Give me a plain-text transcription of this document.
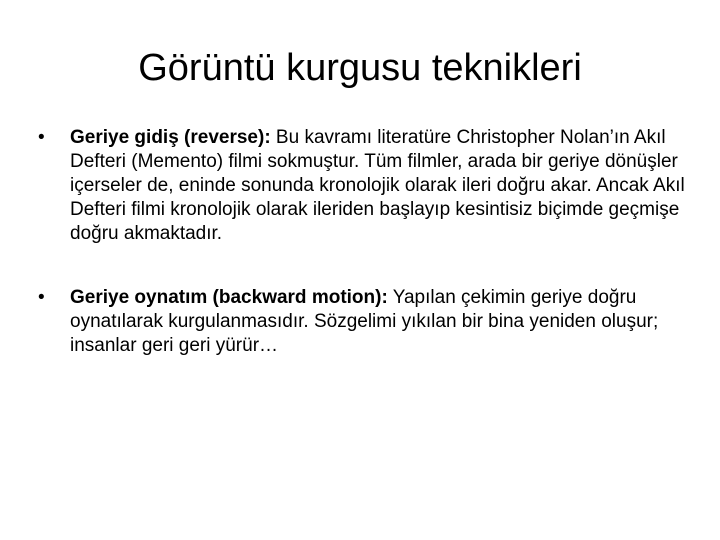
Görüntü kurgusu teknikleri

•	Geriye gidiş (reverse): Bu kavramı literatüre Christopher Nolan’ın Akıl Defteri (Memento) filmi sokmuştur. Tüm filmler, arada bir geriye dönüşler içerseler de, eninde sonunda kronolojik olarak ileri doğru akar. Ancak Akıl Defteri filmi kronolojik olarak ileriden başlayıp kesintisiz biçimde geçmişe doğru akmaktadır.

•	Geriye oynatım (backward motion): Yapılan çekimin geriye doğru oynatılarak kurgulanmasıdır. Sözgelimi yıkılan bir bina yeniden oluşur; insanlar geri geri yürür…
